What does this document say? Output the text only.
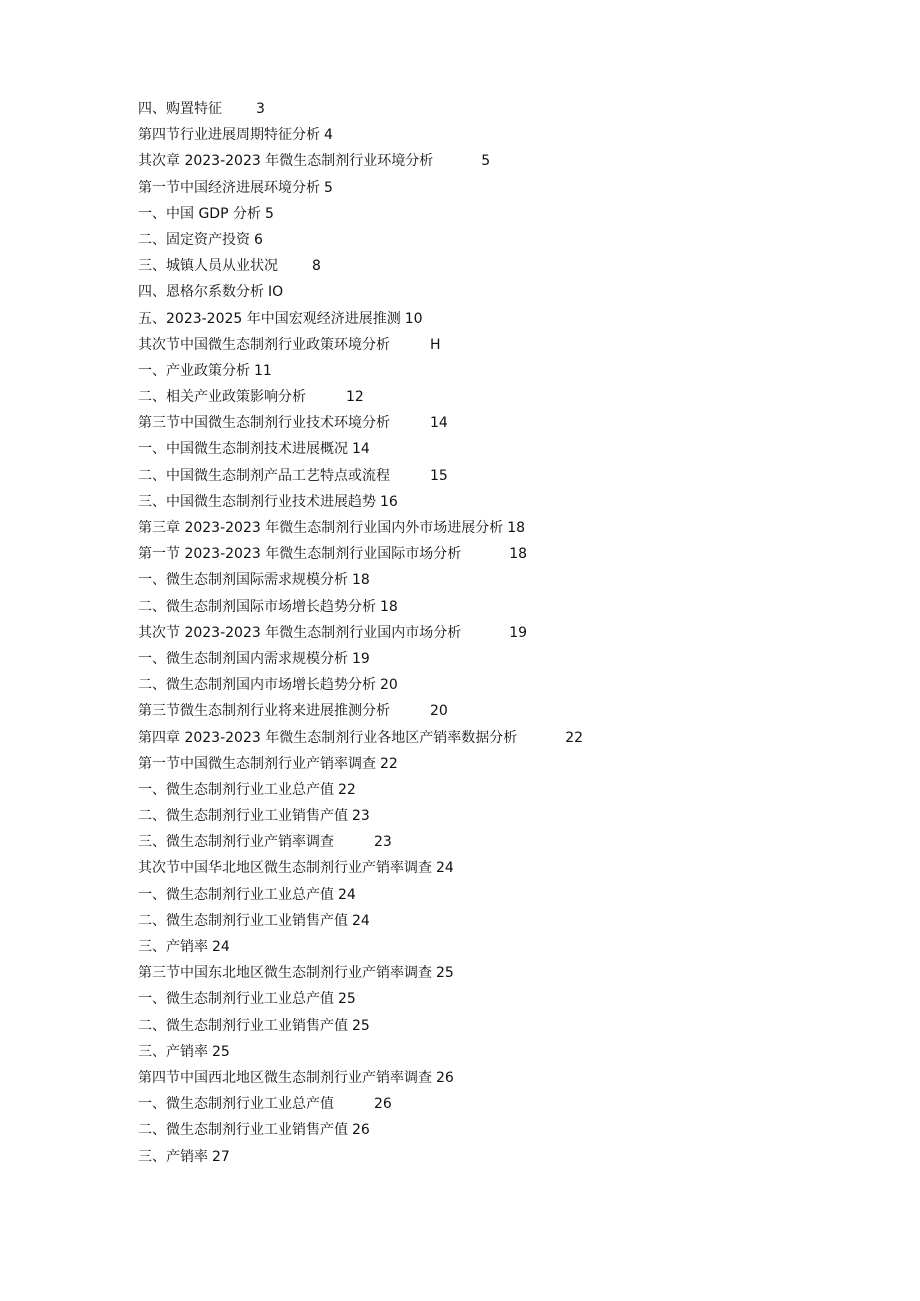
四、购置特征 3
第四节行业进展周期特征分析 4
其次章 2023-2023 年微生态制剂行业环境分析	5
第一节中国经济进展环境分析 5
一、中国 GDP 分析 5
二、固定资产投资 6
三、城镇人员从业状况 8
四、恩格尔系数分析 IO
五、2023-2025 年中国宏观经济进展推测 10
其次节中国微生态制剂行业政策环境分析	H
一、产业政策分析 11
二、相关产业政策影响分析	12
第三节中国微生态制剂行业技术环境分析	14
一、中国微生态制剂技术进展概况 14
二、中国微生态制剂产品工艺特点或流程	15
三、中国微生态制剂行业技术进展趋势 16
第三章 2023-2023 年微生态制剂行业国内外市场进展分析 18
第一节 2023-2023 年微生态制剂行业国际市场分析	18
一、微生态制剂国际需求规模分析 18
二、微生态制剂国际市场增长趋势分析 18
其次节 2023-2023 年微生态制剂行业国内市场分析	19
一、微生态制剂国内需求规模分析 19
二、微生态制剂国内市场增长趋势分析 20
第三节微生态制剂行业将来进展推测分析	20
第四章 2023-2023 年微生态制剂行业各地区产销率数据分析	22
第一节中国微生态制剂行业产销率调查 22
一、微生态制剂行业工业总产值 22
二、微生态制剂行业工业销售产值 23
三、微生态制剂行业产销率调查	23
其次节中国华北地区微生态制剂行业产销率调查 24
一、微生态制剂行业工业总产值 24
二、微生态制剂行业工业销售产值 24
三、产销率 24
第三节中国东北地区微生态制剂行业产销率调查 25
一、微生态制剂行业工业总产值 25
二、微生态制剂行业工业销售产值 25
三、产销率 25
第四节中国西北地区微生态制剂行业产销率调查 26
一、微生态制剂行业工业总产值	26
二、微生态制剂行业工业销售产值 26
三、产销率 27
